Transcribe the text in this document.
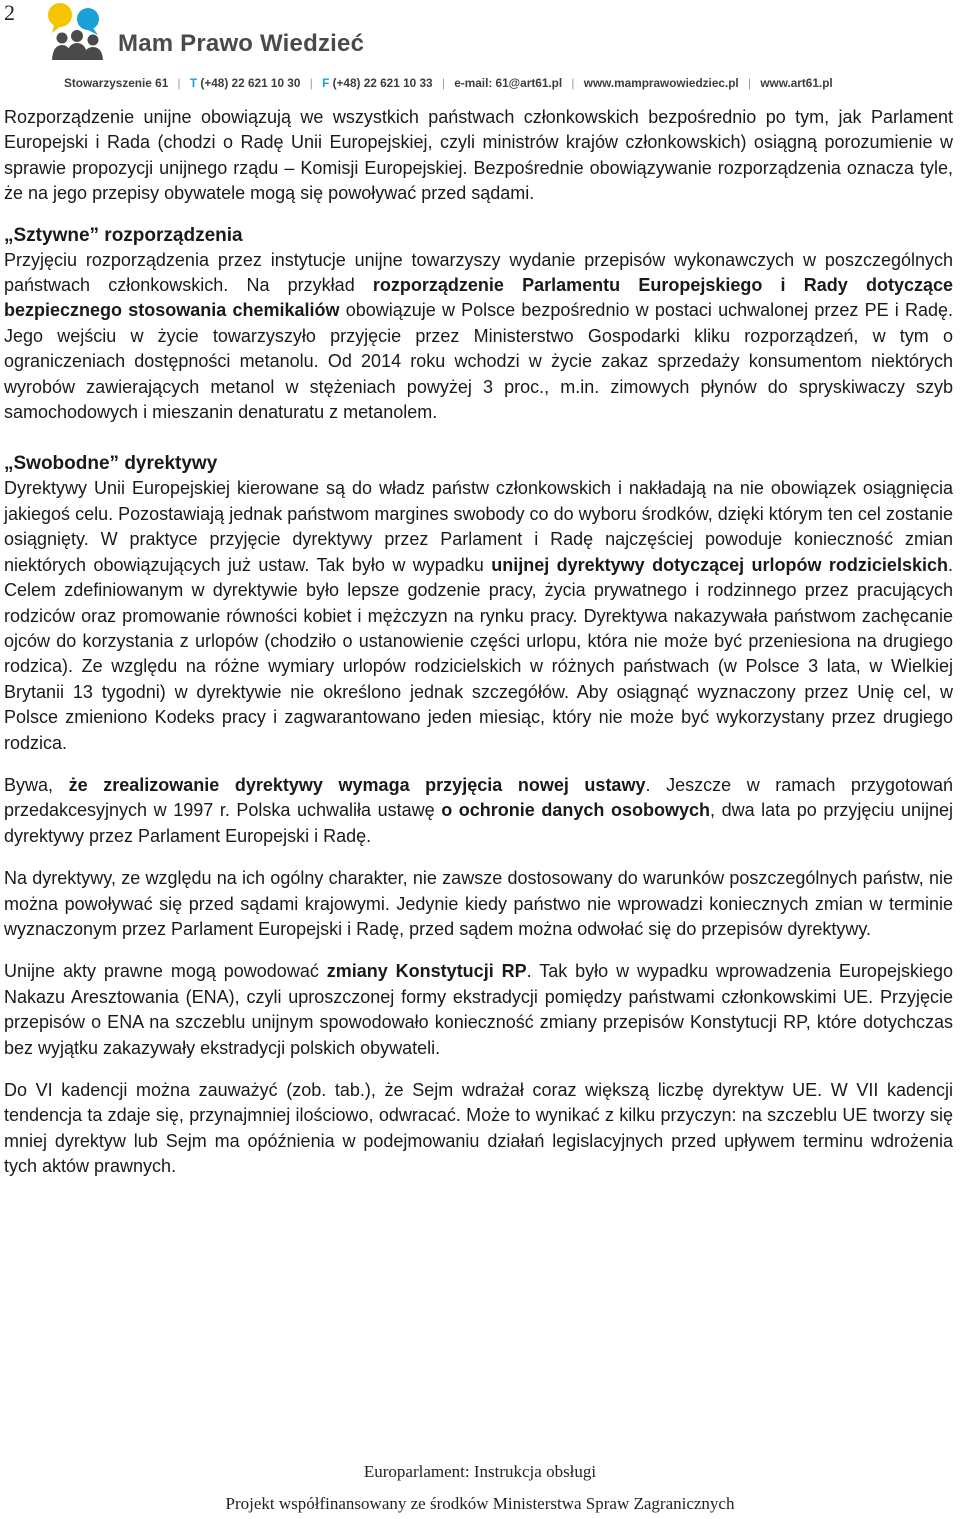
2
Mam Prawo Wiedzieć
Stowarzyszenie 61 | T (+48) 22 621 10 30 | F (+48) 22 621 10 33 | e-mail: 61@art61.pl | www.mamprawowiedziec.pl | www.art61.pl

Rozporządzenie unijne obowiązują we wszystkich państwach członkowskich bezpośrednio po tym, jak Parlament Europejski i Rada (chodzi o Radę Unii Europejskiej, czyli ministrów krajów członkowskich) osiągną porozumienie w sprawie propozycji unijnego rządu – Komisji Europejskiej. Bezpośrednie obowiązywanie rozporządzenia oznacza tyle, że na jego przepisy obywatele mogą się powoływać przed sądami.

„Sztywne” rozporządzenia

Przyjęciu rozporządzenia przez instytucje unijne towarzyszy wydanie przepisów wykonawczych w poszczególnych państwach członkowskich. Na przykład rozporządzenie Parlamentu Europejskiego i Rady dotyczące bezpiecznego stosowania chemikaliów obowiązuje w Polsce bezpośrednio w postaci uchwalonej przez PE i Radę. Jego wejściu w życie towarzyszyło przyjęcie przez Ministerstwo Gospodarki kliku rozporządzeń, w tym o ograniczeniach dostępności metanolu. Od 2014 roku wchodzi w życie zakaz sprzedaży konsumentom niektórych wyrobów zawierających metanol w stężeniach powyżej 3 proc., m.in. zimowych płynów do spryskiwaczy szyb samochodowych i mieszanin denaturatu z metanolem.

„Swobodne” dyrektywy

Dyrektywy Unii Europejskiej kierowane są do władz państw członkowskich i nakładają na nie obowiązek osiągnięcia jakiegoś celu. Pozostawiają jednak państwom margines swobody co do wyboru środków, dzięki którym ten cel zostanie osiągnięty. W praktyce przyjęcie dyrektywy przez Parlament i Radę najczęściej powoduje konieczność zmian niektórych obowiązujących już ustaw. Tak było w wypadku unijnej dyrektywy dotyczącej urlopów rodzicielskich. Celem zdefiniowanym w dyrektywie było lepsze godzenie pracy, życia prywatnego i rodzinnego przez pracujących rodziców oraz promowanie równości kobiet i mężczyzn na rynku pracy. Dyrektywa nakazywała państwom zachęcanie ojców do korzystania z urlopów (chodziło o ustanowienie części urlopu, która nie może być przeniesiona na drugiego rodzica). Ze względu na różne wymiary urlopów rodzicielskich w różnych państwach (w Polsce 3 lata, w Wielkiej Brytanii 13 tygodni) w dyrektywie nie określono jednak szczegółów. Aby osiągnąć wyznaczony przez Unię cel, w Polsce zmieniono Kodeks pracy i zagwarantowano jeden miesiąc, który nie może być wykorzystany przez drugiego rodzica.

Bywa, że zrealizowanie dyrektywy wymaga przyjęcia nowej ustawy. Jeszcze w ramach przygotowań przedakcesyjnych w 1997 r. Polska uchwaliła ustawę o ochronie danych osobowych, dwa lata po przyjęciu unijnej dyrektywy przez Parlament Europejski i Radę.

Na dyrektywy, ze względu na ich ogólny charakter, nie zawsze dostosowany do warunków poszczególnych państw, nie można powoływać się przed sądami krajowymi. Jedynie kiedy państwo nie wprowadzi koniecznych zmian w terminie wyznaczonym przez Parlament Europejski i Radę, przed sądem można odwołać się do przepisów dyrektywy.

Unijne akty prawne mogą powodować zmiany Konstytucji RP. Tak było w wypadku wprowadzenia Europejskiego Nakazu Aresztowania (ENA), czyli uproszczonej formy ekstradycji pomiędzy państwami członkowskimi UE. Przyjęcie przepisów o ENA na szczeblu unijnym spowodowało konieczność zmiany przepisów Konstytucji RP, które dotychczas bez wyjątku zakazywały ekstradycji polskich obywateli.

Do VI kadencji można zauważyć (zob. tab.), że Sejm wdrażał coraz większą liczbę dyrektyw UE. W VII kadencji tendencja ta zdaje się, przynajmniej ilościowo, odwracać. Może to wynikać z kilku przyczyn: na szczeblu UE tworzy się mniej dyrektyw lub Sejm ma opóźnienia w podejmowaniu działań legislacyjnych przed upływem terminu wdrożenia tych aktów prawnych.

Europarlament: Instrukcja obsługi
Projekt współfinansowany ze środków Ministerstwa Spraw Zagranicznych
